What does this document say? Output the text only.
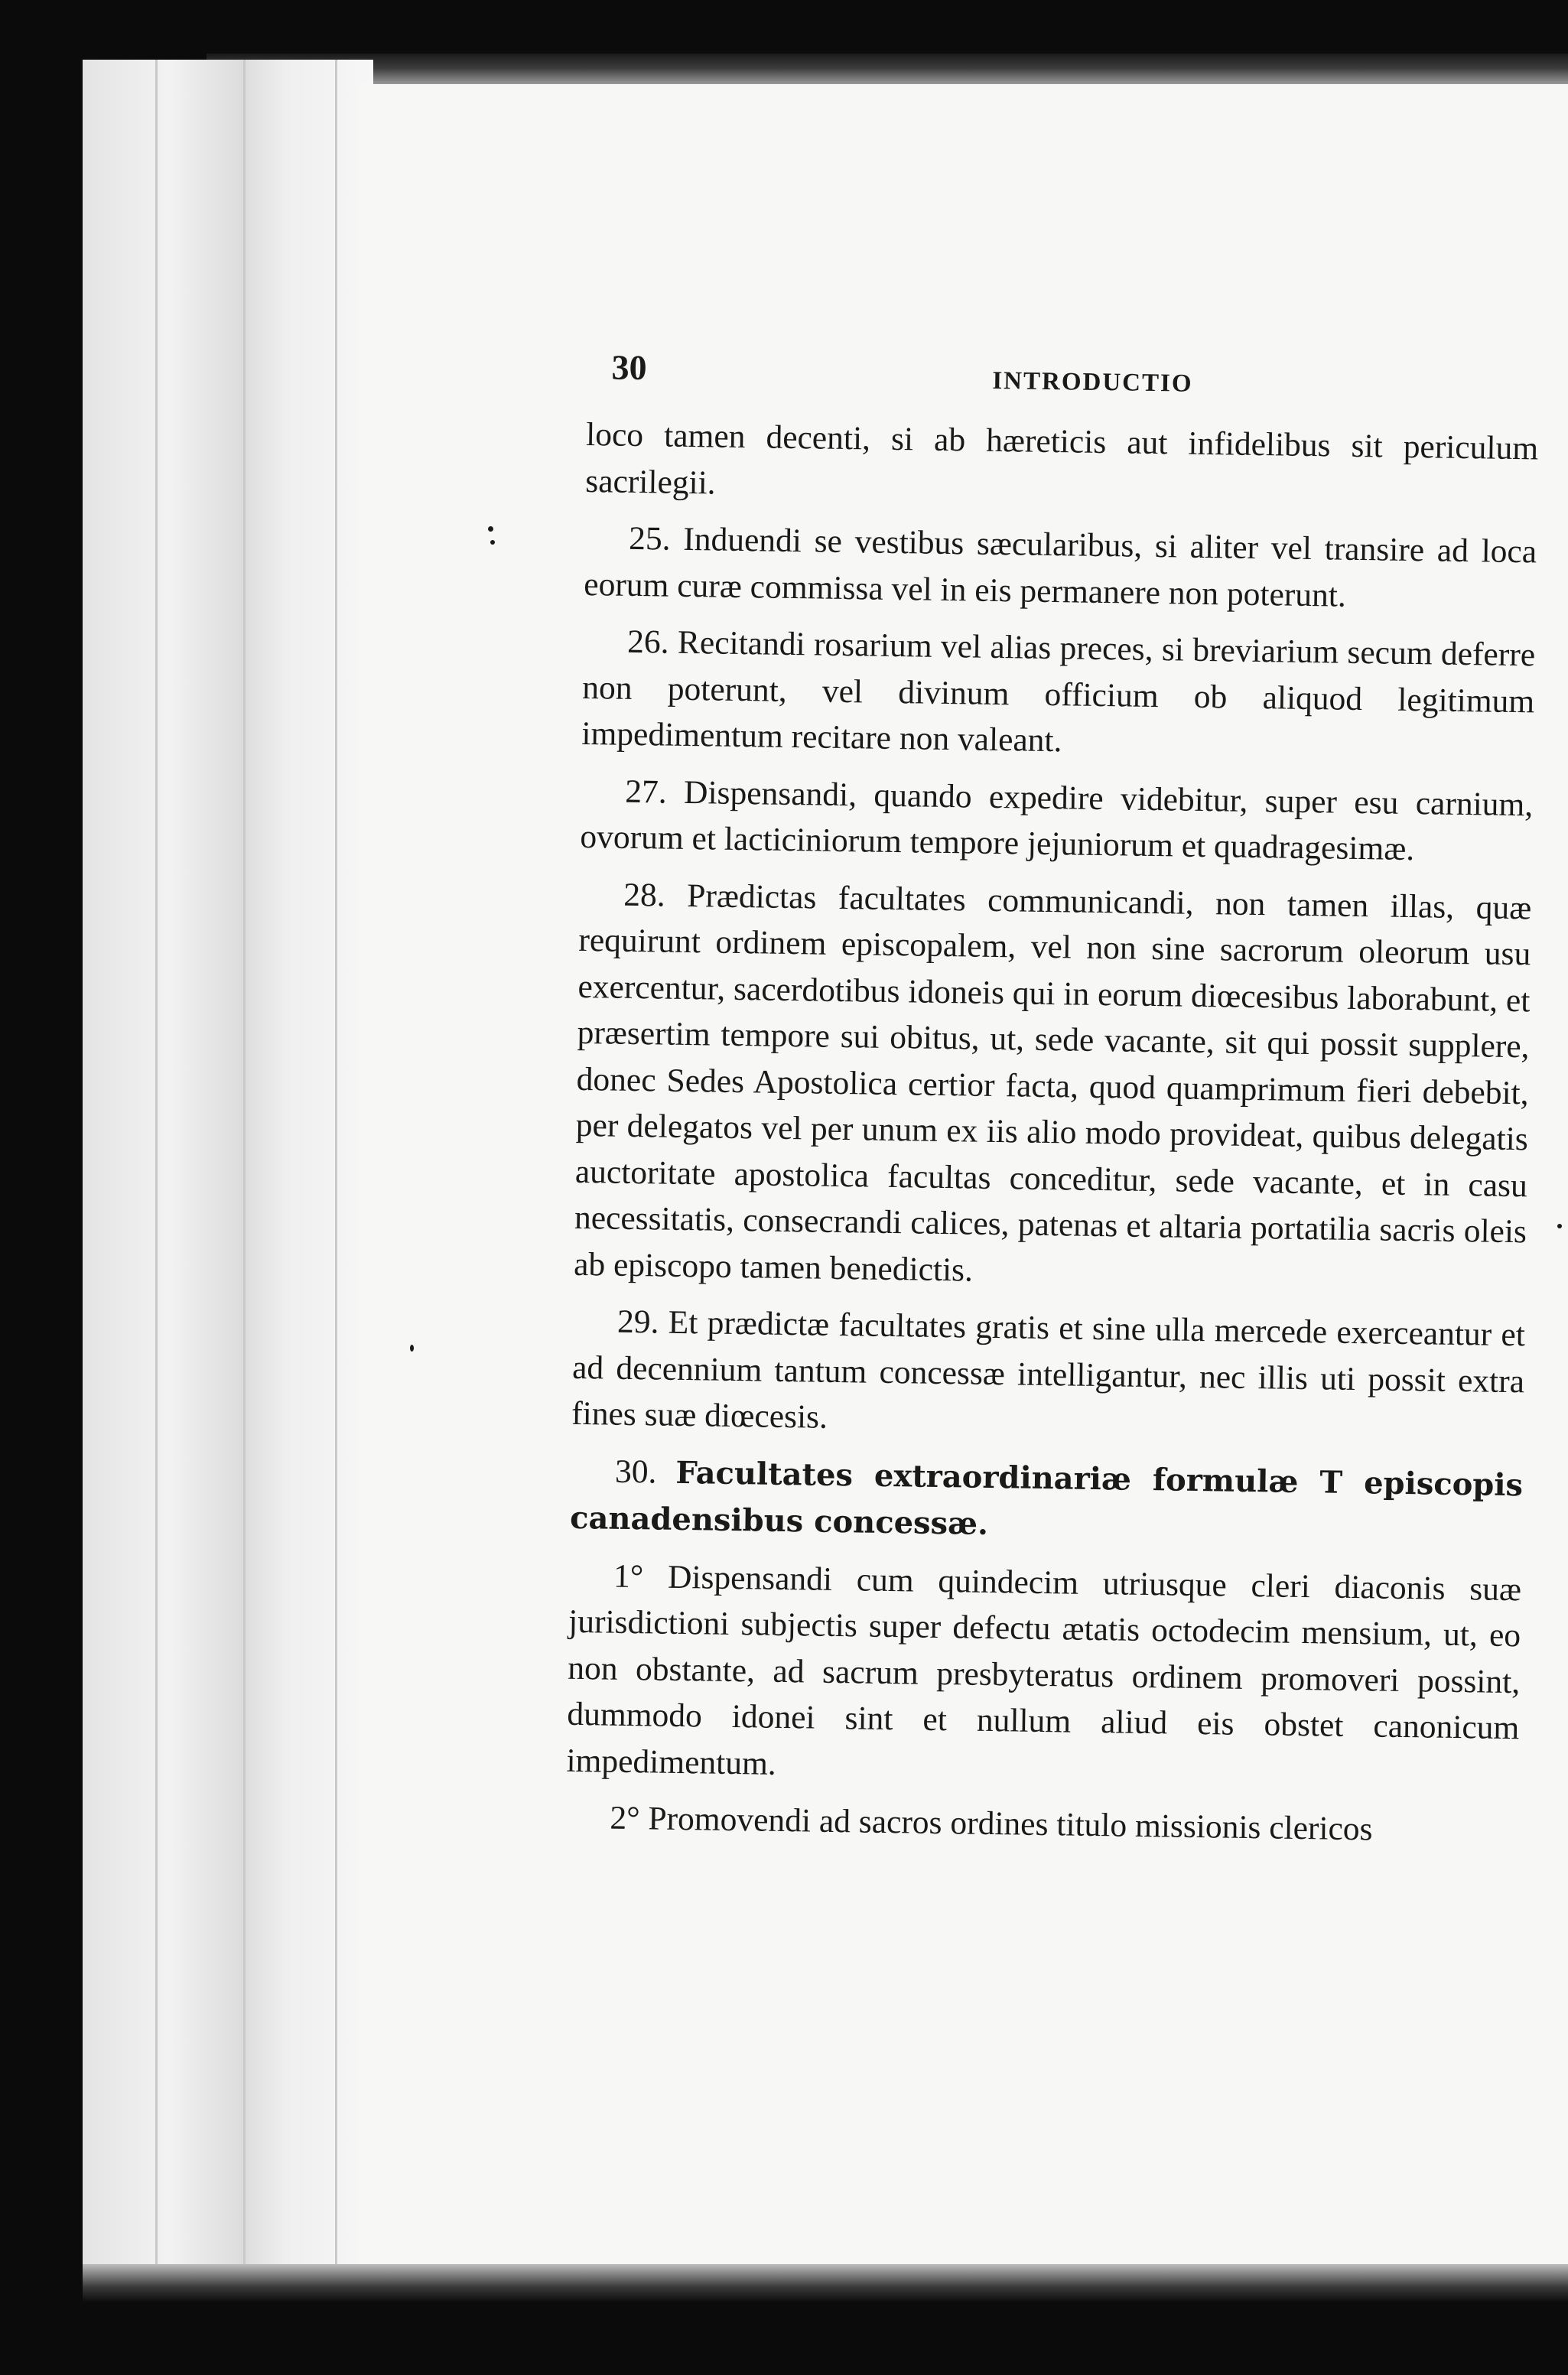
30	INTRODUCTIO

loco tamen decenti, si ab hæreticis aut infidelibus sit periculum sacrilegii.

25. Induendi se vestibus sæcularibus, si aliter vel transire ad loca eorum curæ commissa vel in eis permanere non poterunt.

26. Recitandi rosarium vel alias preces, si breviarium secum deferre non poterunt, vel divinum officium ob aliquod legitimum impedimentum recitare non valeant.

27. Dispensandi, quando expedire videbitur, super esu carnium, ovorum et lacticiniorum tempore jejuniorum et quadragesimæ.

28. Prædictas facultates communicandi, non tamen illas, quæ requirunt ordinem episcopalem, vel non sine sacrorum oleorum usu exercentur, sacerdotibus idoneis qui in eorum diœcesibus laborabunt, et præsertim tempore sui obitus, ut, sede vacante, sit qui possit supplere, donec Sedes Apostolica certior facta, quod quamprimum fieri debebit, per delegatos vel per unum ex iis alio modo provideat, quibus delegatis auctoritate apostolica facultas conceditur, sede vacante, et in casu necessitatis, consecrandi calices, patenas et altaria portatilia sacris oleis ab episcopo tamen benedictis.

29. Et prædictæ facultates gratis et sine ulla mercede exerceantur et ad decennium tantum concessæ intelligantur, nec illis uti possit extra fines suæ diœcesis.

30. Facultates extraordinariæ formulæ T episcopis canadensibus concessæ.

1° Dispensandi cum quindecim utriusque cleri diaconis suæ jurisdictioni subjectis super defectu ætatis octodecim mensium, ut, eo non obstante, ad sacrum presbyteratus ordinem promoveri possint, dummodo idonei sint et nullum aliud eis obstet canonicum impedimentum.

2° Promovendi ad sacros ordines titulo missionis clericos
